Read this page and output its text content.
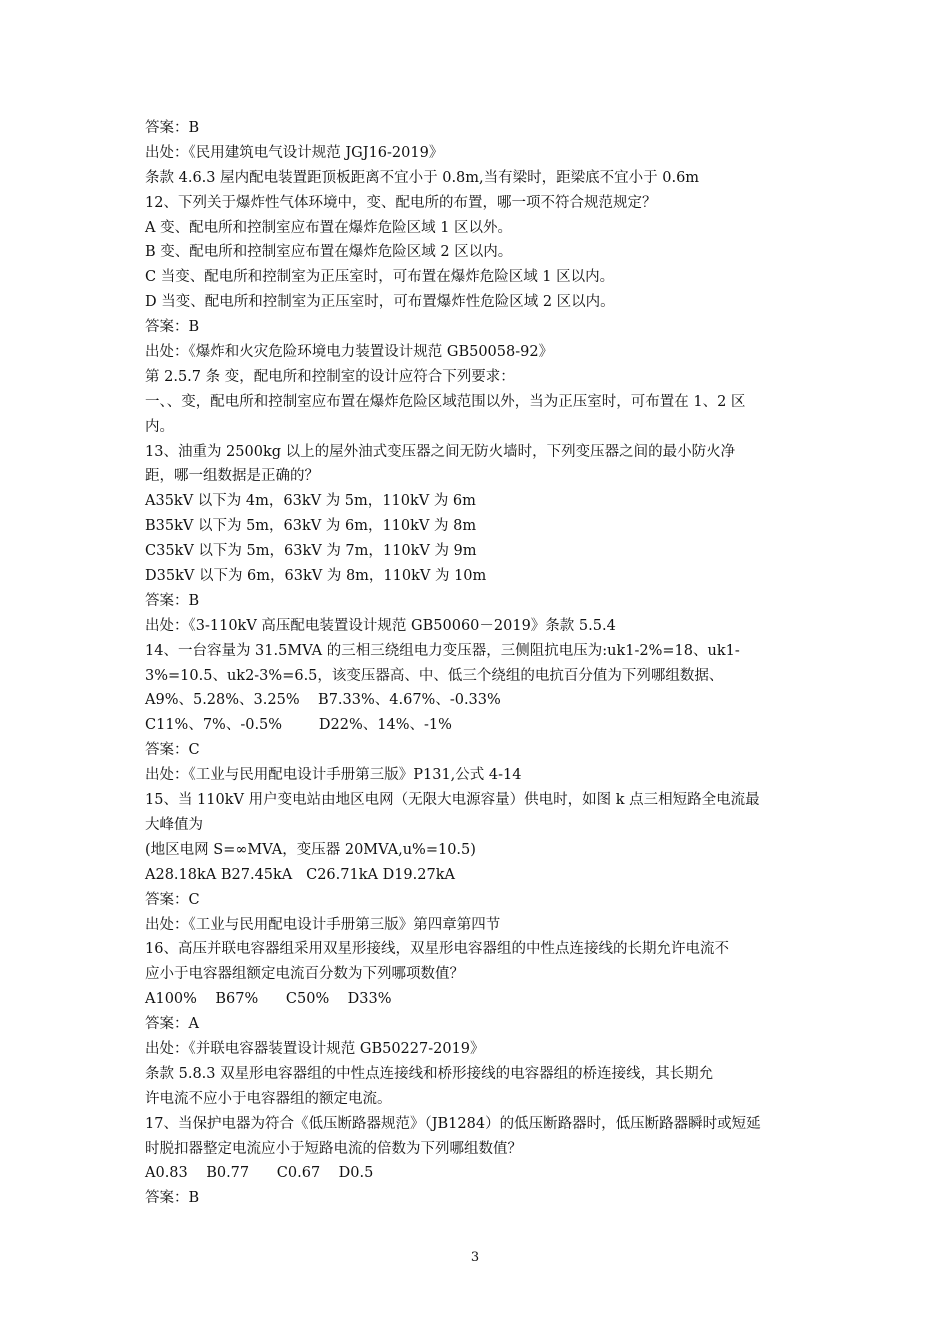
答案：B
出处：《民用建筑电气设计规范 JGJ16-2019》
条款 4.6.3 屋内配电装置距顶板距离不宜小于 0.8m,当有梁时，距梁底不宜小于 0.6m
12、下列关于爆炸性气体环境中，变、配电所的布置，哪一项不符合规范规定？
A 变、配电所和控制室应布置在爆炸危险区域 1 区以外。
B 变、配电所和控制室应布置在爆炸危险区域 2 区以内。
C 当变、配电所和控制室为正压室时，可布置在爆炸危险区域 1 区以内。
D 当变、配电所和控制室为正压室时，可布置爆炸性危险区域 2 区以内。
答案：B
出处：《爆炸和火灾危险环境电力装置设计规范 GB50058-92》
第 2.5.7 条 变，配电所和控制室的设计应符合下列要求：
一、、变，配电所和控制室应布置在爆炸危险区域范围以外，当为正压室时，可布置在 1、2 区
内。
13、油重为 2500kg 以上的屋外油式变压器之间无防火墙时，下列变压器之间的最小防火净
距，哪一组数据是正确的？
A35kV 以下为 4m，63kV 为 5m，110kV 为 6m
B35kV 以下为 5m，63kV 为 6m，110kV 为 8m
C35kV 以下为 5m，63kV 为 7m，110kV 为 9m
D35kV 以下为 6m，63kV 为 8m，110kV 为 10m
答案：B
出处：《3-110kV 高压配电装置设计规范 GB50060－2019》条款 5.5.4
14、一台容量为 31.5MVA 的三相三绕组电力变压器，三侧阻抗电压为:uk1-2%=18、uk1-
3%=10.5、uk2-3%=6.5，该变压器高、中、低三个绕组的电抗百分值为下列哪组数据、
A9%、5.28%、3.25%    B7.33%、4.67%、-0.33%
C11%、7%、-0.5%        D22%、14%、-1%
答案：C
出处：《工业与民用配电设计手册第三版》P131,公式 4-14
15、当 110kV 用户变电站由地区电网（无限大电源容量）供电时，如图 k 点三相短路全电流最
大峰值为
(地区电网 S=∞MVA，变压器 20MVA,u%=10.5)
A28.18kA B27.45kA   C26.71kA D19.27kA
答案：C
出处：《工业与民用配电设计手册第三版》第四章第四节
16、高压并联电容器组采用双星形接线，双星形电容器组的中性点连接线的长期允许电流不
应小于电容器组额定电流百分数为下列哪项数值？
A100%    B67%      C50%    D33%
答案：A
出处：《并联电容器装置设计规范 GB50227-2019》
条款 5.8.3 双星形电容器组的中性点连接线和桥形接线的电容器组的桥连接线，其长期允
许电流不应小于电容器组的额定电流。
17、当保护电器为符合《低压断路器规范》（JB1284）的低压断路器时，低压断路器瞬时或短延
时脱扣器整定电流应小于短路电流的倍数为下列哪组数值？
A0.83    B0.77      C0.67    D0.5
答案：B
3
